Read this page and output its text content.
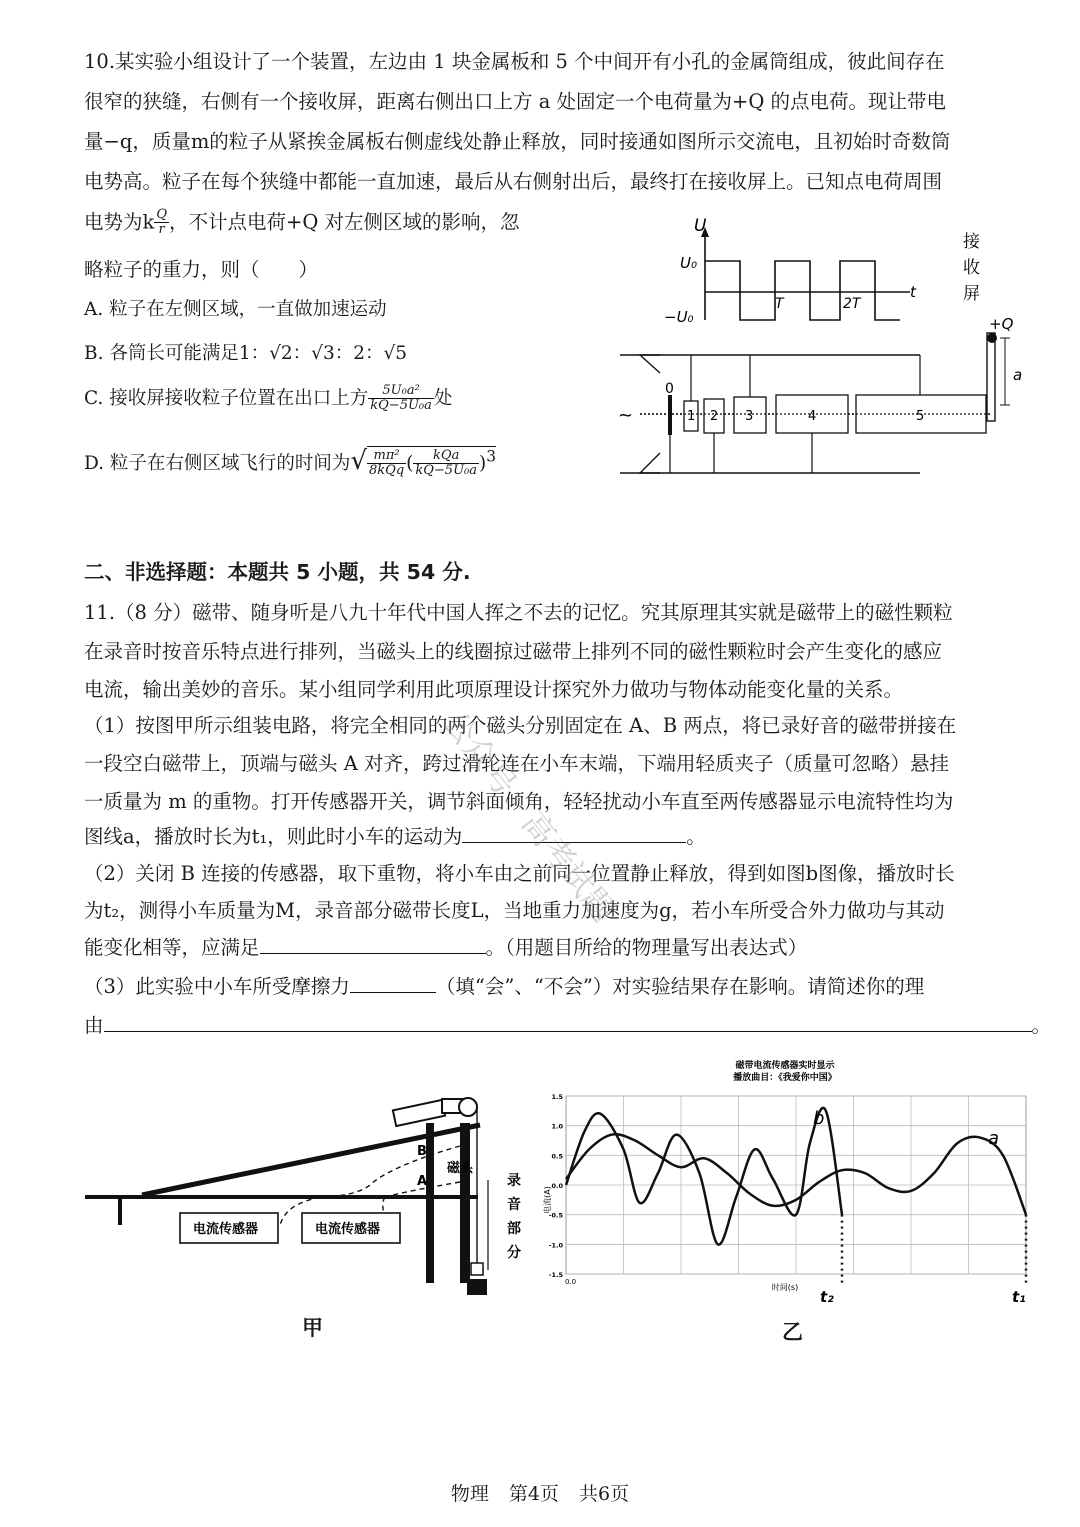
10.某实验小组设计了一个装置，左边由 1 块金属板和 5 个中间开有小孔的金属筒组成，彼此间存在
很窄的狭缝，右侧有一个接收屏，距离右侧出口上方 a 处固定一个电荷量为+Q 的点电荷。现让带电
量−q，质量m的粒子从紧挨金属板右侧虚线处静止释放，同时接通如图所示交流电，且初始时奇数筒
电势高。粒子在每个狭缝中都能一直加速，最后从右侧射出后，最终打在接收屏上。已知点电荷周围
电势为k $\frac{Q}{r}$ ，不计点电荷+Q 对左侧区域的影响，忽
略粒子的重力，则（　　）
A. 粒子在左侧区域，一直做加速运动
B. 各筒长可能满足1：√2：√3：2：√5
C. 接收屏接收粒子位置在出口上方 $\frac{\text{5U₀a²}}{\text{kQ−5U₀a}}$ 处
D. 粒子在右侧区域飞行的时间为√ $\frac{\text{mπ²}}{\text{8kQq}}$ ( $\frac{\text{kQa}}{\text{kQ−5U₀a}} )^3$
U
U₀
−U₀
t
T	2T
接
收
屏
+Q
a
~
0
1 2 3	4	5
二、非选择题：本题共 5 小题，共 54 分.
11.（8 分）磁带、随身听是八九十年代中国人挥之不去的记忆。究其原理其实就是磁带上的磁性颗粒
在录音时按音乐特点进行排列，当磁头上的线圈掠过磁带上排列不同的磁性颗粒时会产生变化的感应
电流，输出美妙的音乐。某小组同学利用此项原理设计探究外力做功与物体动能变化量的关系。
（1）按图甲所示组装电路，将完全相同的两个磁头分别固定在 A、B 两点，将已录好音的磁带拼接在
一段空白磁带上，顶端与磁头 A 对齐，跨过滑轮连在小车末端，下端用轻质夹子（质量可忽略）悬挂
一质量为 m 的重物。打开传感器开关，调节斜面倾角，轻轻扰动小车直至两传感器显示电流特性均为
图线a，播放时长为t₁，则此时小车的运动为	。
（2）关闭 B 连接的传感器，取下重物，将小车由之前同一位置静止释放，得到如图b图像，播放时长
为t₂，测得小车质量为M，录音部分磁带长度L，当地重力加速度为g，若小车所受合外力做功与其动
能变化相等，应满足	。（用题目所给的物理量写出表达式）
（3）此实验中小车所受摩擦力	（填“会”、“不会”）对实验结果存在影响。请简述你的理
由	。
B
A
磁头
电流传感器	电流传感器
录
音
部
分
甲
磁带电流传感器实时显示
播放曲目：《我爱你中国》
电流(A)
时间(s)
1.5
1.0
0.5
0.0
-0.5
-1.0
-1.5
0.0
b
a
t₂	t₁
乙
公众号：高考试题
物理 第4页 共6页
